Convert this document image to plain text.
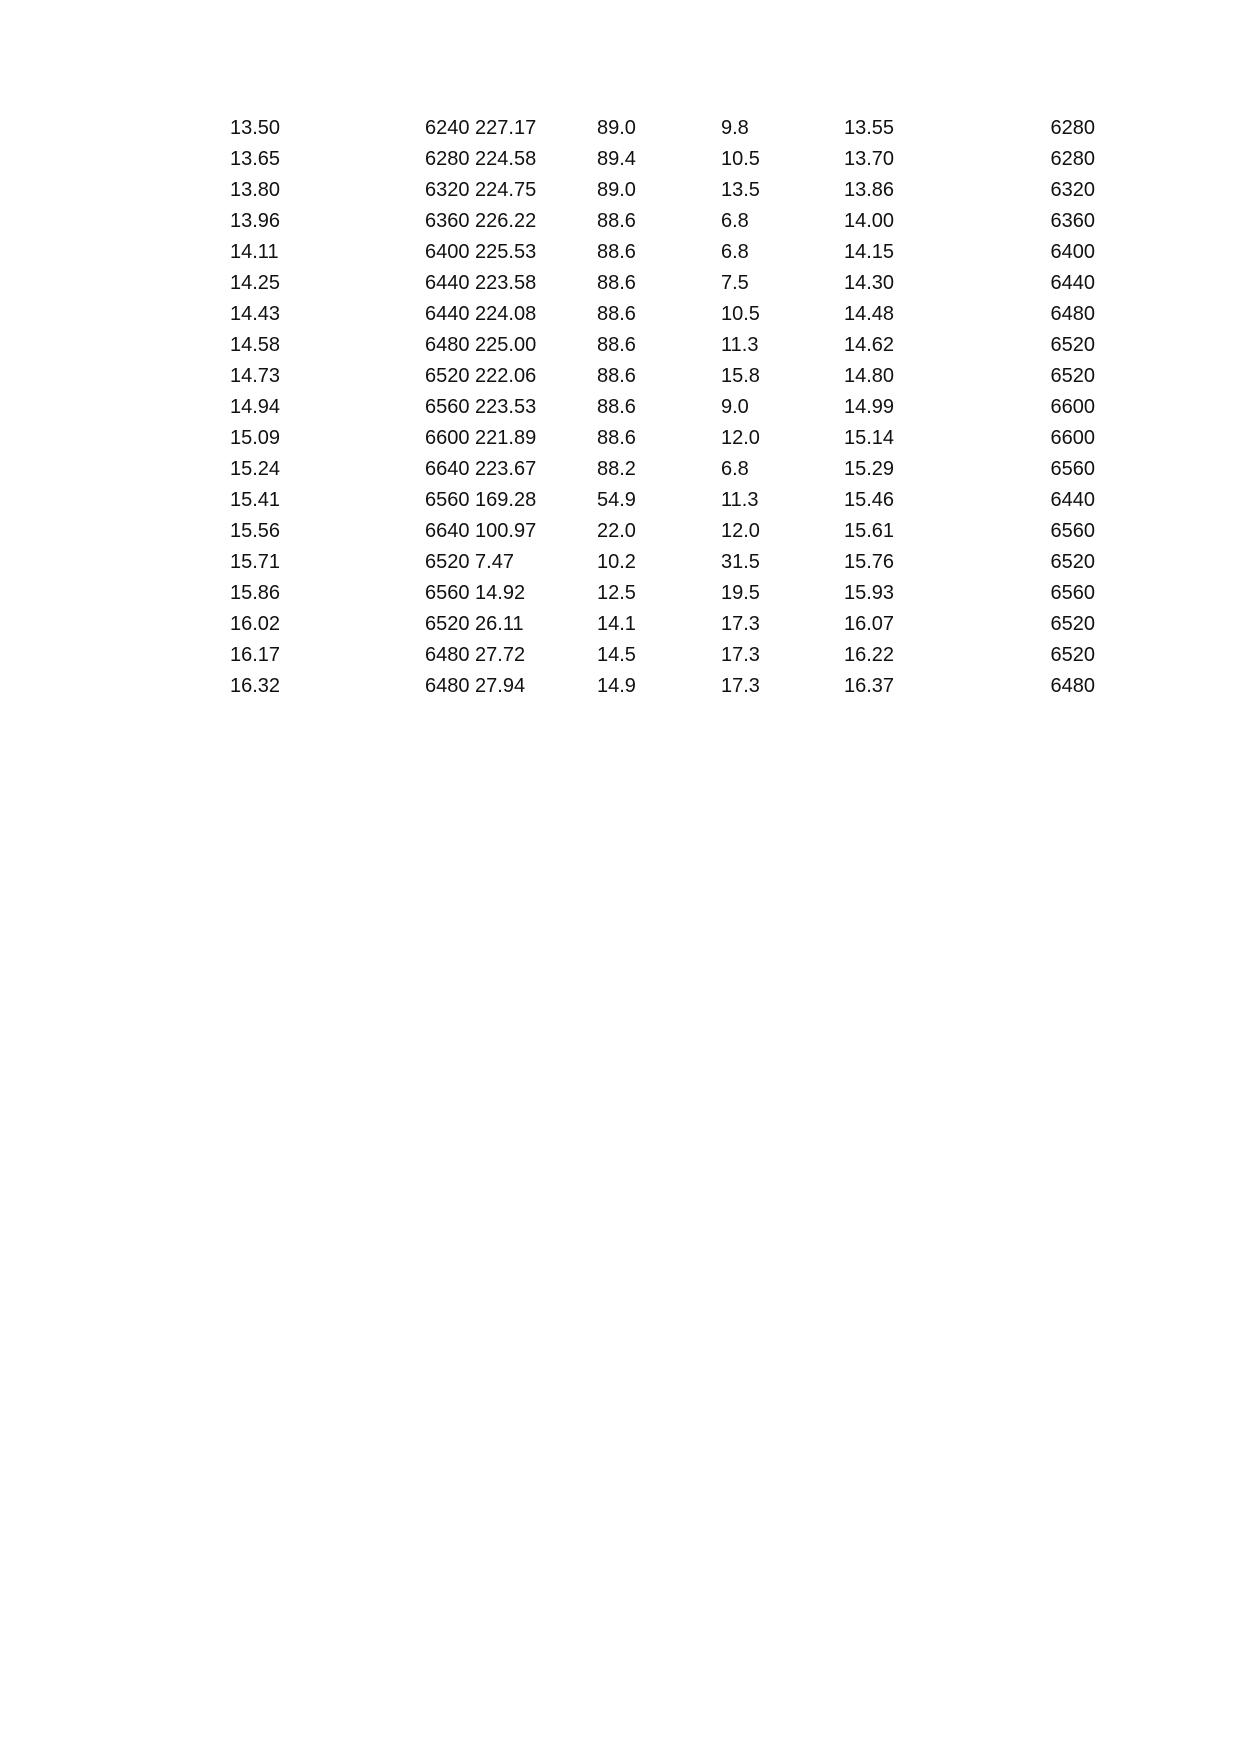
13.50	6240 227.17	89.0	9.8	13.55	6280
13.65	6280 224.58	89.4	10.5	13.70	6280
13.80	6320 224.75	89.0	13.5	13.86	6320
13.96	6360 226.22	88.6	6.8	14.00	6360
14.11	6400 225.53	88.6	6.8	14.15	6400
14.25	6440 223.58	88.6	7.5	14.30	6440
14.43	6440 224.08	88.6	10.5	14.48	6480
14.58	6480 225.00	88.6	11.3	14.62	6520
14.73	6520 222.06	88.6	15.8	14.80	6520
14.94	6560 223.53	88.6	9.0	14.99	6600
15.09	6600 221.89	88.6	12.0	15.14	6600
15.24	6640 223.67	88.2	6.8	15.29	6560
15.41	6560 169.28	54.9	11.3	15.46	6440
15.56	6640 100.97	22.0	12.0	15.61	6560
15.71	6520 7.47	10.2	31.5	15.76	6520
15.86	6560 14.92	12.5	19.5	15.93	6560
16.02	6520 26.11	14.1	17.3	16.07	6520
16.17	6480 27.72	14.5	17.3	16.22	6520
16.32	6480 27.94	14.9	17.3	16.37	6480
